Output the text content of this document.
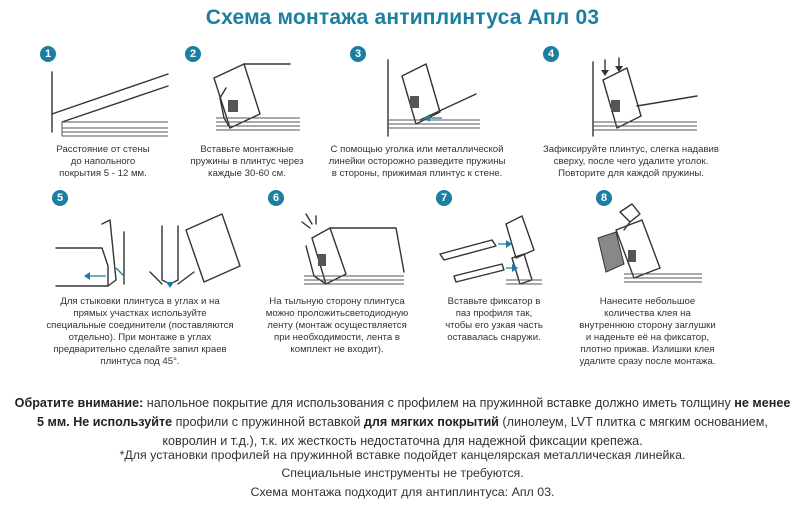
Схема монтажа антиплинтуса Апл 03
1
Расстояние от стены
до напольного
покрытия 5 - 12 мм.
2
Вставьте монтажные
пружины в плинтус через
каждые 30-60 см.
3
С помощью уголка или металлической
линейки осторожно разведите пружины
в стороны, прижимая плинтус к стене.
4
Зафиксируйте плинтус, слегка надавив
сверху, после чего удалите уголок.
Повторите для каждой пружины.
5
Для стыковки плинтуса в углах и на
прямых участках используйте
специальные соединители (поставляются
отдельно). При монтаже в углах
предварительно сделайте запил краев
плинтуса под 45°.
6
На тыльную сторону плинтуса
можно проложитьсветодиодную
ленту (монтаж осуществляется
при необходимости, лента в
комплект не входит).
7
Вставьте фиксатор в
паз профиля так,
чтобы его узкая часть
оставалась снаружи.
8
Нанесите небольшое
количества клея на
внутреннюю сторону заглушки
и наденьте её на фиксатор,
плотно прижав. Излишки клея
удалите сразу после монтажа.
Обратите внимание: напольное покрытие для использования с профилем на пружинной вставке должно иметь толщину не менее 5 мм. Не используйте профили с пружинной вставкой для мягких покрытий (линолеум, LVT плитка с мягким основанием, ковролин и т.д.), т.к. их жесткость недостаточна для надежной фиксации крепежа.
*Для установки профилей на пружинной вставке подойдет канцелярская металлическая линейка.
Специальные инструменты не требуются.
Схема монтажа подходит для антиплинтуса: Апл 03.
